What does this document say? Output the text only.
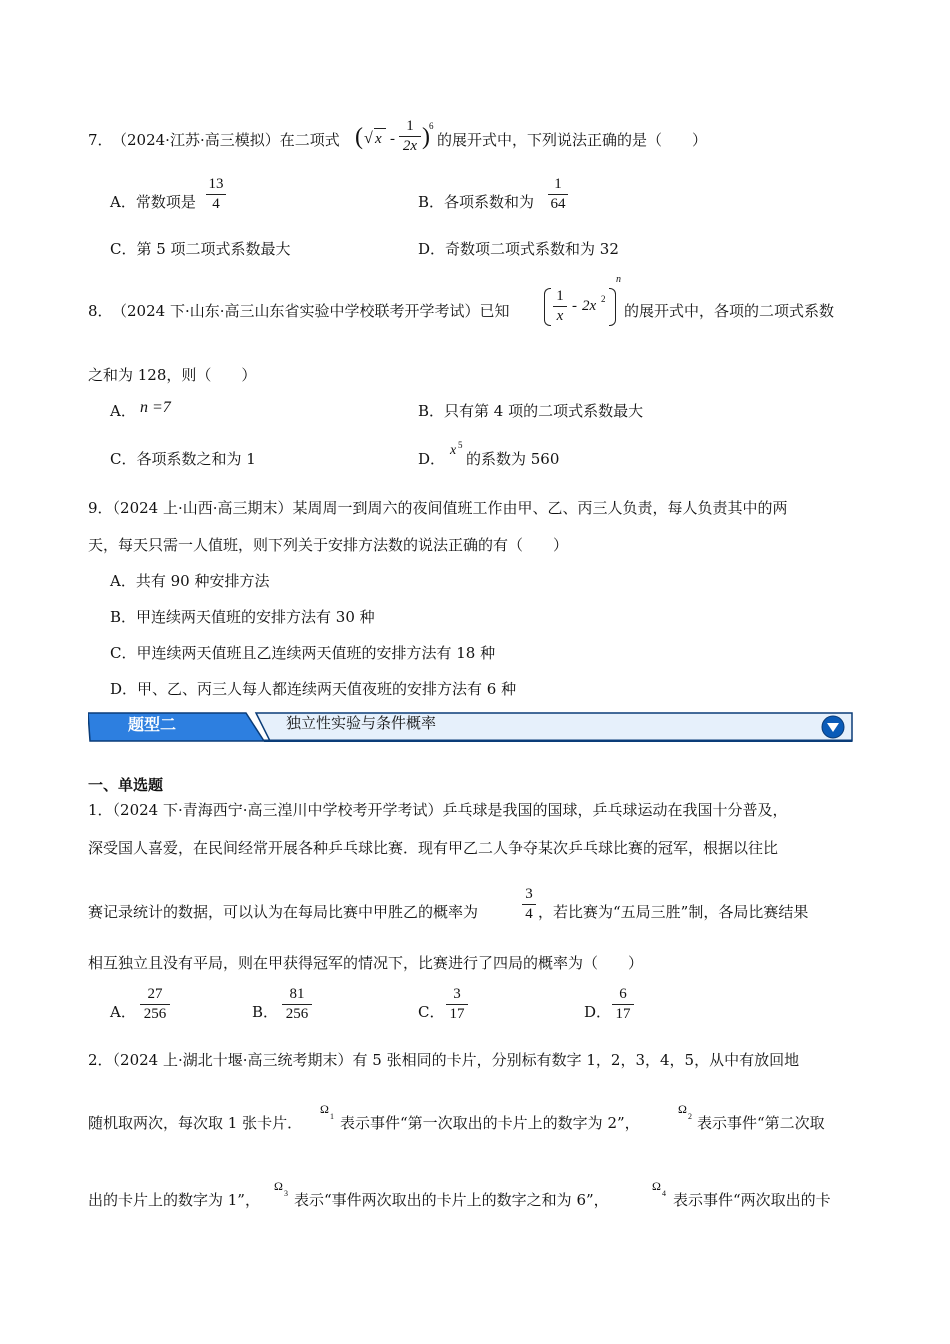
7． （2024·江苏·高三模拟）在二项式 ( √ x -
1
2x ) 6
的展开式中，下列说法正确的是（　　）
A．常数项是
13
4	B．各项系数和为
1
64
C．第 5 项二项式系数最大	D．奇数项二项式系数和为 32
8． （2024 下·山东·高三山东省实验中学校联考开学考试）已知
1
x
- 2x 2
n
的展开式中，各项的二项式系数
之和为 128，则（　　）
A． n =7	B．只有第 4 项的二项式系数最大
C．各项系数之和为 1	D． x 5
的系数为 560
9．（2024 上·山西·高三期末）某周周一到周六的夜间值班工作由甲、乙、丙三人负责，每人负责其中的两
天，每天只需一人值班，则下列关于安排方法数的说法正确的有（　　）
A．共有 90 种安排方法
B．甲连续两天值班的安排方法有 30 种
C．甲连续两天值班且乙连续两天值班的安排方法有 18 种
D．甲、乙、丙三人每人都连续两天值夜班的安排方法有 6 种
题型二	独立性实验与条件概率
一、单选题
1．（2024 下·青海西宁·高三湟川中学校考开学考试）乒乓球是我国的国球，乒乓球运动在我国十分普及，
深受国人喜爱，在民间经常开展各种乒乓球比赛．现有甲乙二人争夺某次乒乓球比赛的冠军，根据以往比
赛记录统计的数据，可以认为在每局比赛中甲胜乙的概率为
3
4 ，若比赛为“五局三胜”制，各局比赛结果
相互独立且没有平局，则在甲获得冠军的情况下，比赛进行了四局的概率为（　　）
A．
27
256	B．
81
256	C．
3
17	D．
6
17
2．（2024 上·湖北十堰·高三统考期末）有 5 张相同的卡片，分别标有数字 1，2，3，4，5，从中有放回地
随机取两次，每次取 1 张卡片．
Ω
1 表示事件“第一次取出的卡片上的数字为 2”，
Ω
2 表示事件“第二次取
出的卡片上的数字为 1”，
Ω
3 表示“事件两次取出的卡片上的数字之和为 6”，
Ω
4 表示事件“两次取出的卡
